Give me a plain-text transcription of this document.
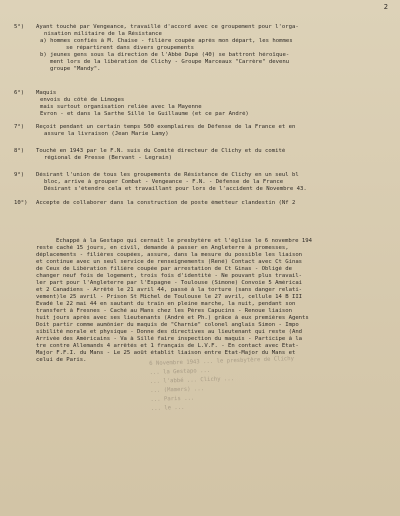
2
5°) Ayant touché par Vengeance, travaillé d'accord avec ce groupement pour l'orga-
nisation militaire de la Résistance
a) hommes confiés à M. Chaise - filière coupée après mon départ, les hommes
se répartirent dans divers groupements
b) jeunes gens sous la direction de l'Abbé Dupé (40) se battront héroïque-
ment lors de la libération de Clichy - Groupe Marceaux "Carrère" devenu
groupe "Mandy".
6°) Maquis
envois du côté de Limoges
mais surtout organisation reliée avec la Mayenne
Evron - et dans la Sarthe Sillé le Guillaume (et ce par André)
7°) Reçoit pendant un certain temps 500 exemplaires de Défense de la France et en
assure la livraison (Jean Marie Lamy)
8°) Touché en 1943 par le F.N. suis du Comité directeur de Clichy et du comité
régional de Presse (Bervant - Legrain)
9°) Désirant l'union de tous les groupements de Résistance de Clichy en un seul bl
bloc, arrive à grouper Combat - Vengeance - F.N. - Défense de la France
Désirant s'étendre cela et travaillant pour lors de l'accident de Novembre 43.
10°) Accepte de collaborer dans la construction de poste émetteur clandestin (Nf 2
Échappé à la Gestapo qui cernait le presbytère et l'église le 6 novembre 194
reste caché 15 jours, en civil, demande à passer en Angleterre à promesses,
déplacements - filières coupées, assure, dans la mesure du possible les liaison
et continue avec un seul service de renseignements (René) Contact avec Ct Ginas
de Ceux de Libération filière coupée par arrestation de Ct Ginas - Obligé de
changer neuf fois de logement, trois fois d'identité - Ne pouvant plus travail-
ler part pour l'Angleterre par l'Espagne - Toulouse (Simone) Convoie 5 Américai
et 2 Canadiens - Arrêté le 21 avril 44, passé à la torture (sans danger relati-
vement)le 25 avril - Prison St Michel de Toulouse le 27 avril, cellule 14 B III
Évadé le 22 mai 44 en sautant du train en pleine marche, la nuit, pendant son
transfert à Fresnes - Caché au Mans chez les Pères Capucins - Renoue liaison
huit jours après avec ses lieutenants (André et Ph.) grâce à eux premières Agents
Doit partir comme aumônier du maquis de "Charnie" colonel anglais Simon - Impo
sibilité morale et physique - Donne des directives au lieutenant qui reste (And
Arrivée des Américains - Va à Sillé faire inspection du maquis - Participe à la
tre contre Allemands 4 arrêtés et 1 français de L.V.F. - En contact avec Etat-
Major F.F.I. du Mans - Le 25 août établit liaison entre Etat-Major du Mans et
celui de Paris.	6 Novembre 1943 ... le presbytère de Clichy
... la Gestapo ...
... l'abbé ... Clichy ...
... (Mamers) ...
... Paris ...
... le ...
